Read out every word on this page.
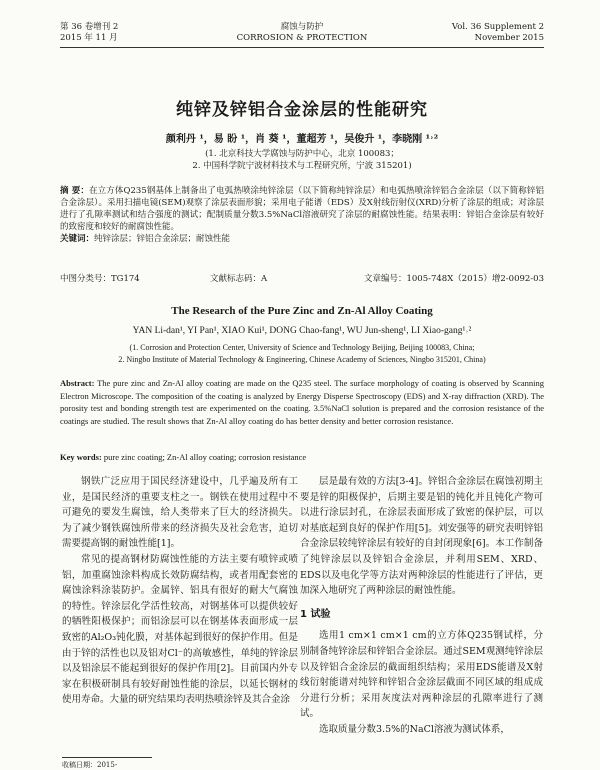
第 36 卷增刊 2
2015 年 11 月
腐蚀与防护
CORROSION & PROTECTION
Vol. 36 Supplement 2
November 2015
纯锌及锌铝合金涂层的性能研究
颜利丹 ¹，易 盼 ¹，肖 葵 ¹，董超芳 ¹，吴俊升 ¹，李晓刚 ¹˒²
(1. 北京科技大学腐蚀与防护中心，北京 100083；
2. 中国科学院宁波材料技术与工程研究所，宁波 315201)
摘 要：在立方体Q235钢基体上制备出了电弧热喷涂纯锌涂层（以下简称纯锌涂层）和电弧热喷涂锌铝合金涂层（以下简称锌铝合金涂层）。采用扫描电镜(SEM)观察了涂层表面形貌；采用电子能谱（EDS）及X射线衍射仪(XRD)分析了涂层的组成；对涂层进行了孔隙率测试和结合强度的测试；配制质量分数3.5%NaCl溶液研究了涂层的耐腐蚀性能。结果表明：锌铝合金涂层有较好的致密度和较好的耐腐蚀性能。
关键词：纯锌涂层；锌铝合金涂层；耐蚀性能
中图分类号：TG174	文献标志码：A	文章编号：1005-748X（2015）增2-0092-03
The Research of the Pure Zinc and Zn-Al Alloy Coating
YAN Li-dan¹, YI Pan¹, XIAO Kui¹, DONG Chao-fang¹, WU Jun-sheng¹, LI Xiao-gang¹˒²
(1. Corrosion and Protection Center, University of Science and Technology Beijing, Beijing 100083, China;
2. Ningbo Institute of Material Technology & Engineering, Chinese Academy of Sciences, Ningbo 315201, China)
Abstract: The pure zinc and Zn-Al alloy coating are made on the Q235 steel. The surface morphology of coating is observed by Scanning Electron Microscope. The composition of the coating is analyzed by Energy Disperse Spectroscopy (EDS) and X-ray diffraction (XRD). The porosity test and bonding strength test are experimented on the coating. 3.5%NaCl solution is prepared and the corrosion resistance of the coatings are studied. The result shows that Zn-Al alloy coating do has better density and better corrosion resistance.
Key words: pure zinc coating; Zn-Al alloy coating; corrosion resistance

钢铁广泛应用于国民经济建设中，几乎遍及所有工业，是国民经济的重要支柱之一。钢铁在使用过程中不可避免的要发生腐蚀，给人类带来了巨大的经济损失。为了减少钢铁腐蚀所带来的经济损失及社会危害，迫切需要提高钢的耐蚀性能[1]。

常见的提高钢材防腐蚀性能的方法主要有喷锌或喷铝，加重腐蚀涂料构成长效防腐结构，或者用配套密的腐蚀涂料涂装防护。金属锌、铝具有很好的耐大气腐蚀的特性。锌涂层化学活性较高，对钢基体可以提供较好的牺牲阳极保护；而铝涂层可以在钢基体表面形成一层致密的Al₂O₃钝化膜，对基体起到很好的保护作用。但是由于锌的活性也以及铝对Cl⁻的高敏感性，单纯的锌涂层以及铝涂层不能起到很好的保护作用[2]。目前国内外专家在积极研制具有较好耐蚀性能的涂层，以延长钢材的使用寿命。大量的研究结果均表明热喷涂锌及其合金涂

层是最有效的方法[3-4]。锌铝合金涂层在腐蚀初期主要是锌的阳极保护，后期主要是铝的钝化并且钝化产物可以进行涂层封孔，在涂层表面形成了致密的保护层，可以对基底起到良好的保护作用[5]。刘安强等的研究表明锌铝合金涂层较纯锌涂层有较好的自封闭现象[6]。本工作制备了纯锌涂层以及锌铝合金涂层，并利用SEM、XRD、EDS以及电化学等方法对两种涂层的性能进行了评估，更加深入地研究了两种涂层的耐蚀性能。

1 试验

选用1 cm×1 cm×1 cm的立方体Q235钢试样，分别制备纯锌涂层和锌铝合金涂层。通过SEM观测纯锌涂层以及锌铝合金涂层的截面组织结构；采用EDS能谱及X射线衍射能谱对纯锌和锌铝合金涂层截面不同区域的组成成分进行分析；采用灰度法对两种涂层的孔隙率进行了测试。

选取质量分数3.5%的NaCl溶液为测试体系，

收稿日期：2015-
